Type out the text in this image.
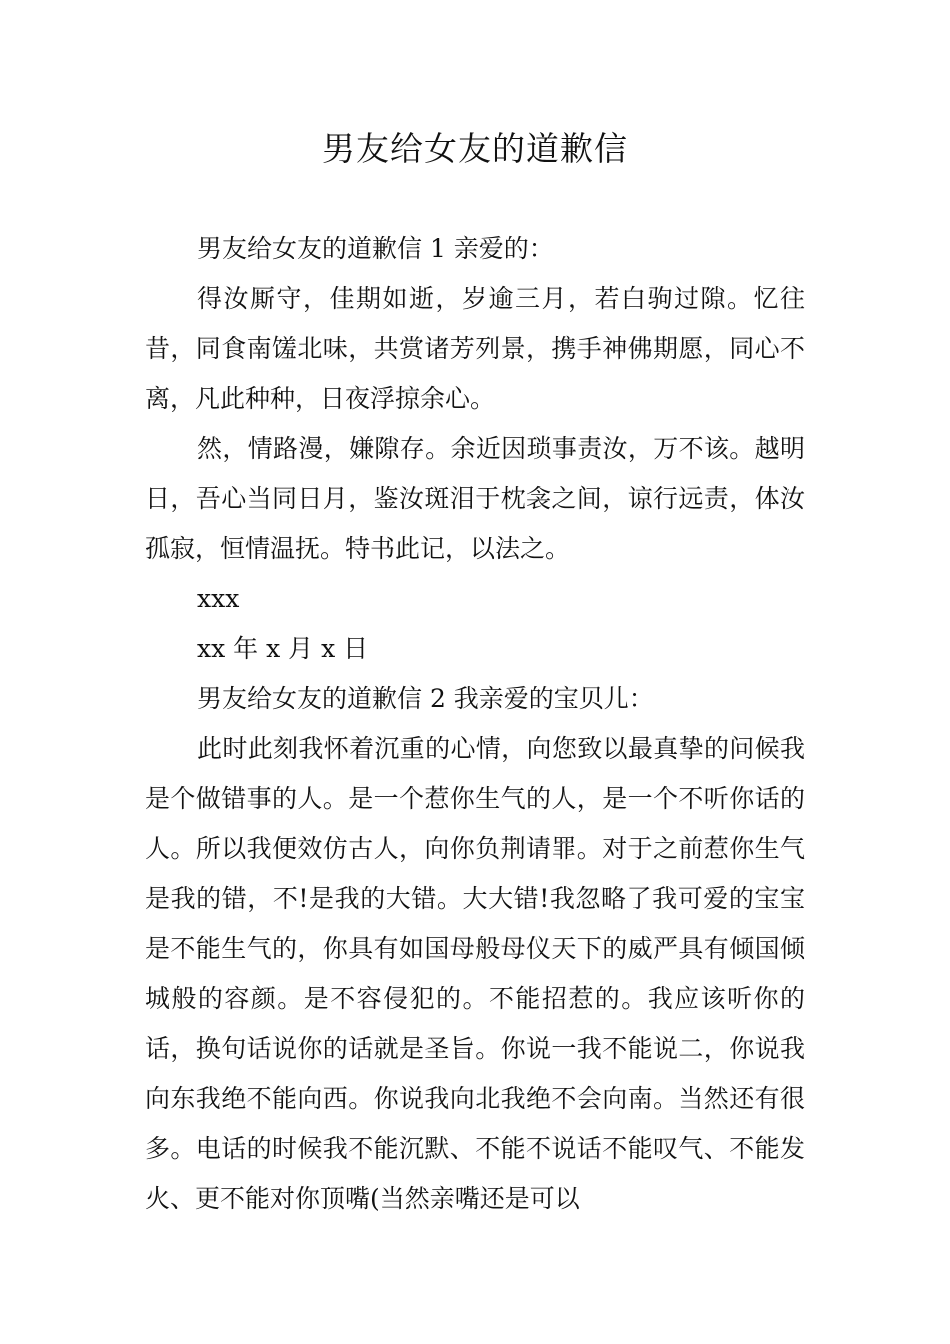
男友给女友的道歉信

男友给女友的道歉信 1 亲爱的：

得汝厮守，佳期如逝，岁逾三月，若白驹过隙。忆往昔，同食南馐北味，共赏诸芳列景，携手神佛期愿，同心不离，凡此种种，日夜浮掠余心。

然，情路漫，嫌隙存。余近因琐事责汝，万不该。越明日，吾心当同日月，鉴汝斑泪于枕衾之间，谅行远责，体汝孤寂，恒情温抚。特书此记，以法之。

xxx

xx 年 x 月 x 日

男友给女友的道歉信 2 我亲爱的宝贝儿：

此时此刻我怀着沉重的心情，向您致以最真挚的问候我是个做错事的人。是一个惹你生气的人，是一个不听你话的人。所以我便效仿古人，向你负荆请罪。对于之前惹你生气是我的错，不!是我的大错。大大错!我忽略了我可爱的宝宝是不能生气的，你具有如国母般母仪天下的威严具有倾国倾城般的容颜。是不容侵犯的。不能招惹的。我应该听你的话，换句话说你的话就是圣旨。你说一我不能说二，你说我向东我绝不能向西。你说我向北我绝不会向南。当然还有很多。电话的时候我不能沉默、不能不说话不能叹气、不能发火、更不能对你顶嘴(当然亲嘴还是可以
